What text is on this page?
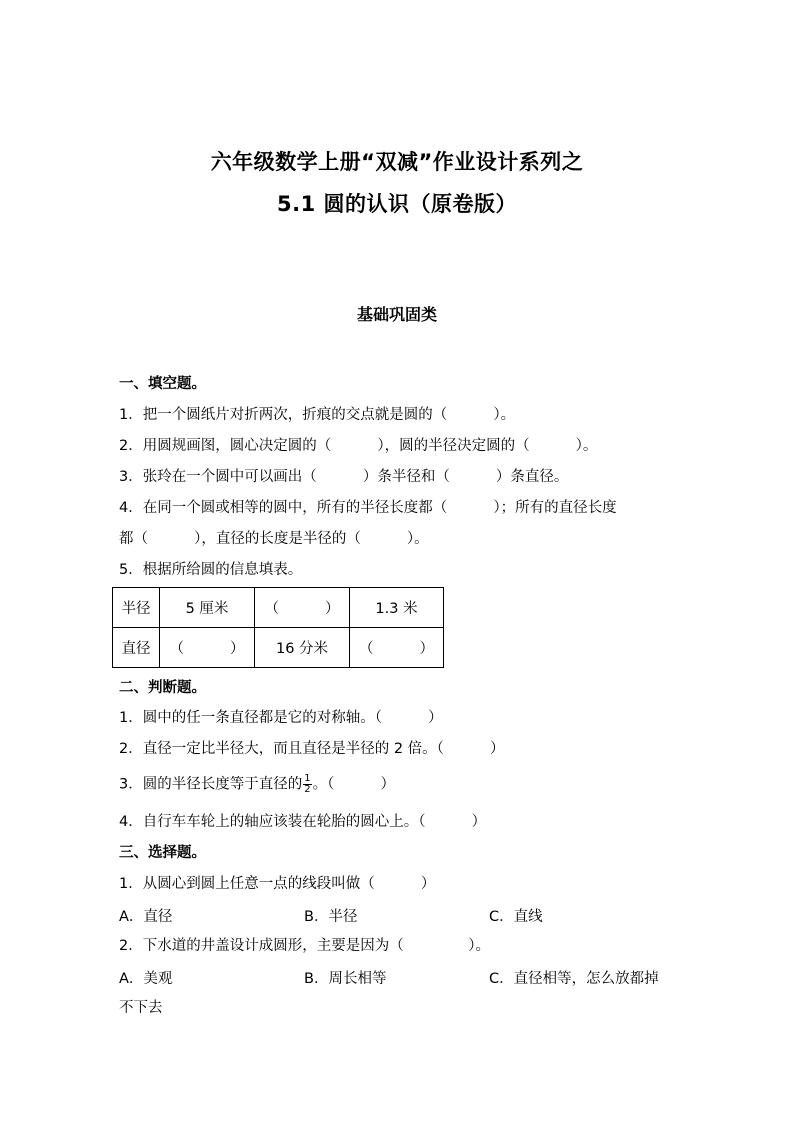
六年级数学上册“双减”作业设计系列之
5.1 圆的认识（原卷版）
基础巩固类
一、填空题。
1．把一个圆纸片对折两次，折痕的交点就是圆的（          ）。
2．用圆规画图，圆心决定圆的（          ），圆的半径决定圆的（          ）。
3．张玲在一个圆中可以画出（          ）条半径和（          ）条直径。
4．在同一个圆或相等的圆中，所有的半径长度都（          ）；所有的直径长度
都（          ），直径的长度是半径的（          ）。
5．根据所给圆的信息填表。
半径	5 厘米	（          ）	1.3 米
直径	（          ）	16 分米	（          ）
二、判断题。
1．圆中的任一条直径都是它的对称轴。（          ）
2．直径一定比半径大，而且直径是半径的 2 倍。（          ）
3．圆的半径长度等于直径的 $\frac{1}{2}$ 。（          ）
4．自行车车轮上的轴应该装在轮胎的圆心上。（          ）
三、选择题。
1．从圆心到圆上任意一点的线段叫做（          ）
A．直径	B．半径	C．直线
2．下水道的井盖设计成圆形，主要是因为（              ）。
A．美观	B．周长相等	C．直径相等，怎么放都掉
不下去
